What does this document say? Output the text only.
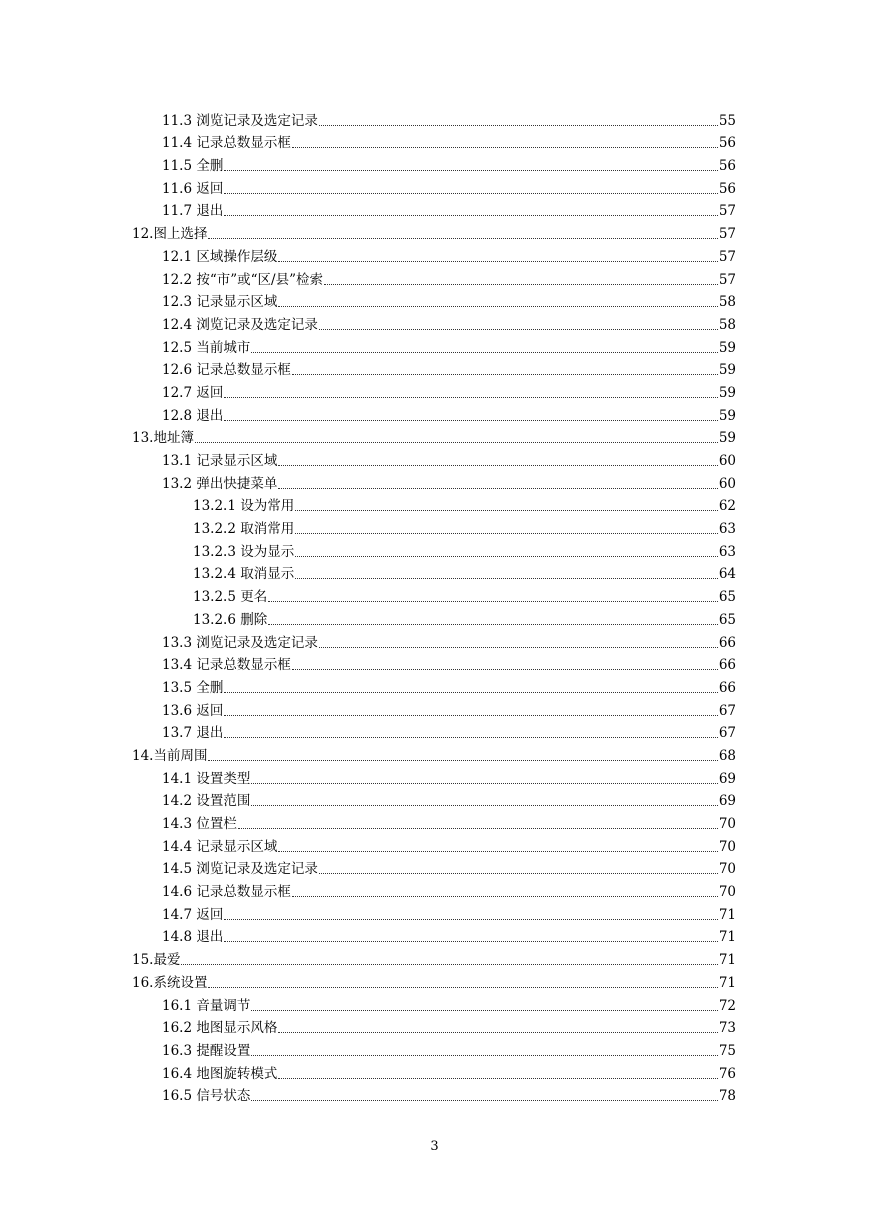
11.3 浏览记录及选定记录	55
11.4 记录总数显示框	56
11.5 全删	56
11.6 返回	56
11.7 退出	57
12.图上选择	57
12.1 区域操作层级	57
12.2 按“市”或“区/县”检索	57
12.3 记录显示区域	58
12.4 浏览记录及选定记录	58
12.5 当前城市	59
12.6 记录总数显示框	59
12.7 返回	59
12.8 退出	59
13.地址簿	59
13.1 记录显示区域	60
13.2 弹出快捷菜单	60
13.2.1 设为常用	62
13.2.2 取消常用	63
13.2.3 设为显示	63
13.2.4 取消显示	64
13.2.5 更名	65
13.2.6 删除	65
13.3 浏览记录及选定记录	66
13.4 记录总数显示框	66
13.5 全删	66
13.6 返回	67
13.7 退出	67
14.当前周围	68
14.1 设置类型	69
14.2 设置范围	69
14.3 位置栏	70
14.4 记录显示区域	70
14.5 浏览记录及选定记录	70
14.6 记录总数显示框	70
14.7 返回	71
14.8 退出	71
15.最爱	71
16.系统设置	71
16.1 音量调节	72
16.2 地图显示风格	73
16.3 提醒设置	75
16.4 地图旋转模式	76
16.5 信号状态	78
3
